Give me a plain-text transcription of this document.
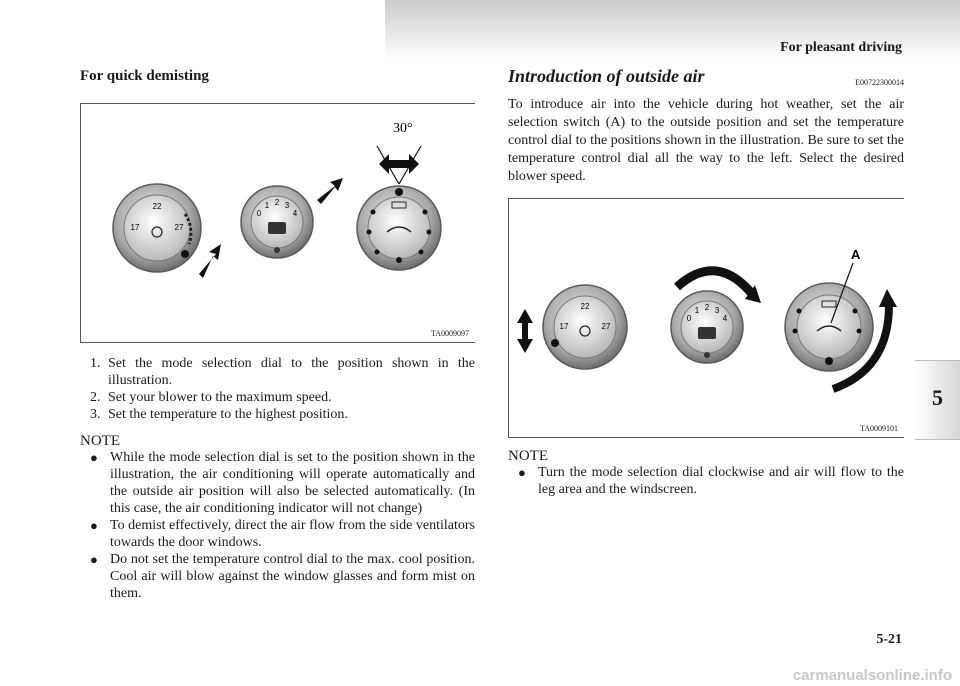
For pleasant driving
5
For quick demisting
22
17	27
0
1 2 3
4
30°
TA0009097
1. Set the mode selection dial to the position shown in the illustration.
2. Set your blower to the maximum speed.
3. Set the temperature to the highest position.
NOTE
● While the mode selection dial is set to the position shown in the illustration, the air conditioning will operate automatically and the outside air position will also be selected automatically. (In this case, the air conditioning indicator will not change)
● To demist effectively, direct the air flow from the side ventilators towards the door windows.
● Do not set the temperature control dial to the max. cool position. Cool air will blow against the window glasses and form mist on them.
Introduction of outside air	E00722300014

To introduce air into the vehicle during hot weather, set the air selection switch (A) to the outside position and set the temperature control dial to the positions shown in the illustration. Be sure to set the temperature control dial all the way to the left. Select the desired blower speed.

22
17	27
0
1 2 3
4
A
TA0009101
NOTE
● Turn the mode selection dial clockwise and air will flow to the leg area and the windscreen.
5-21
carmanualsonline.info
